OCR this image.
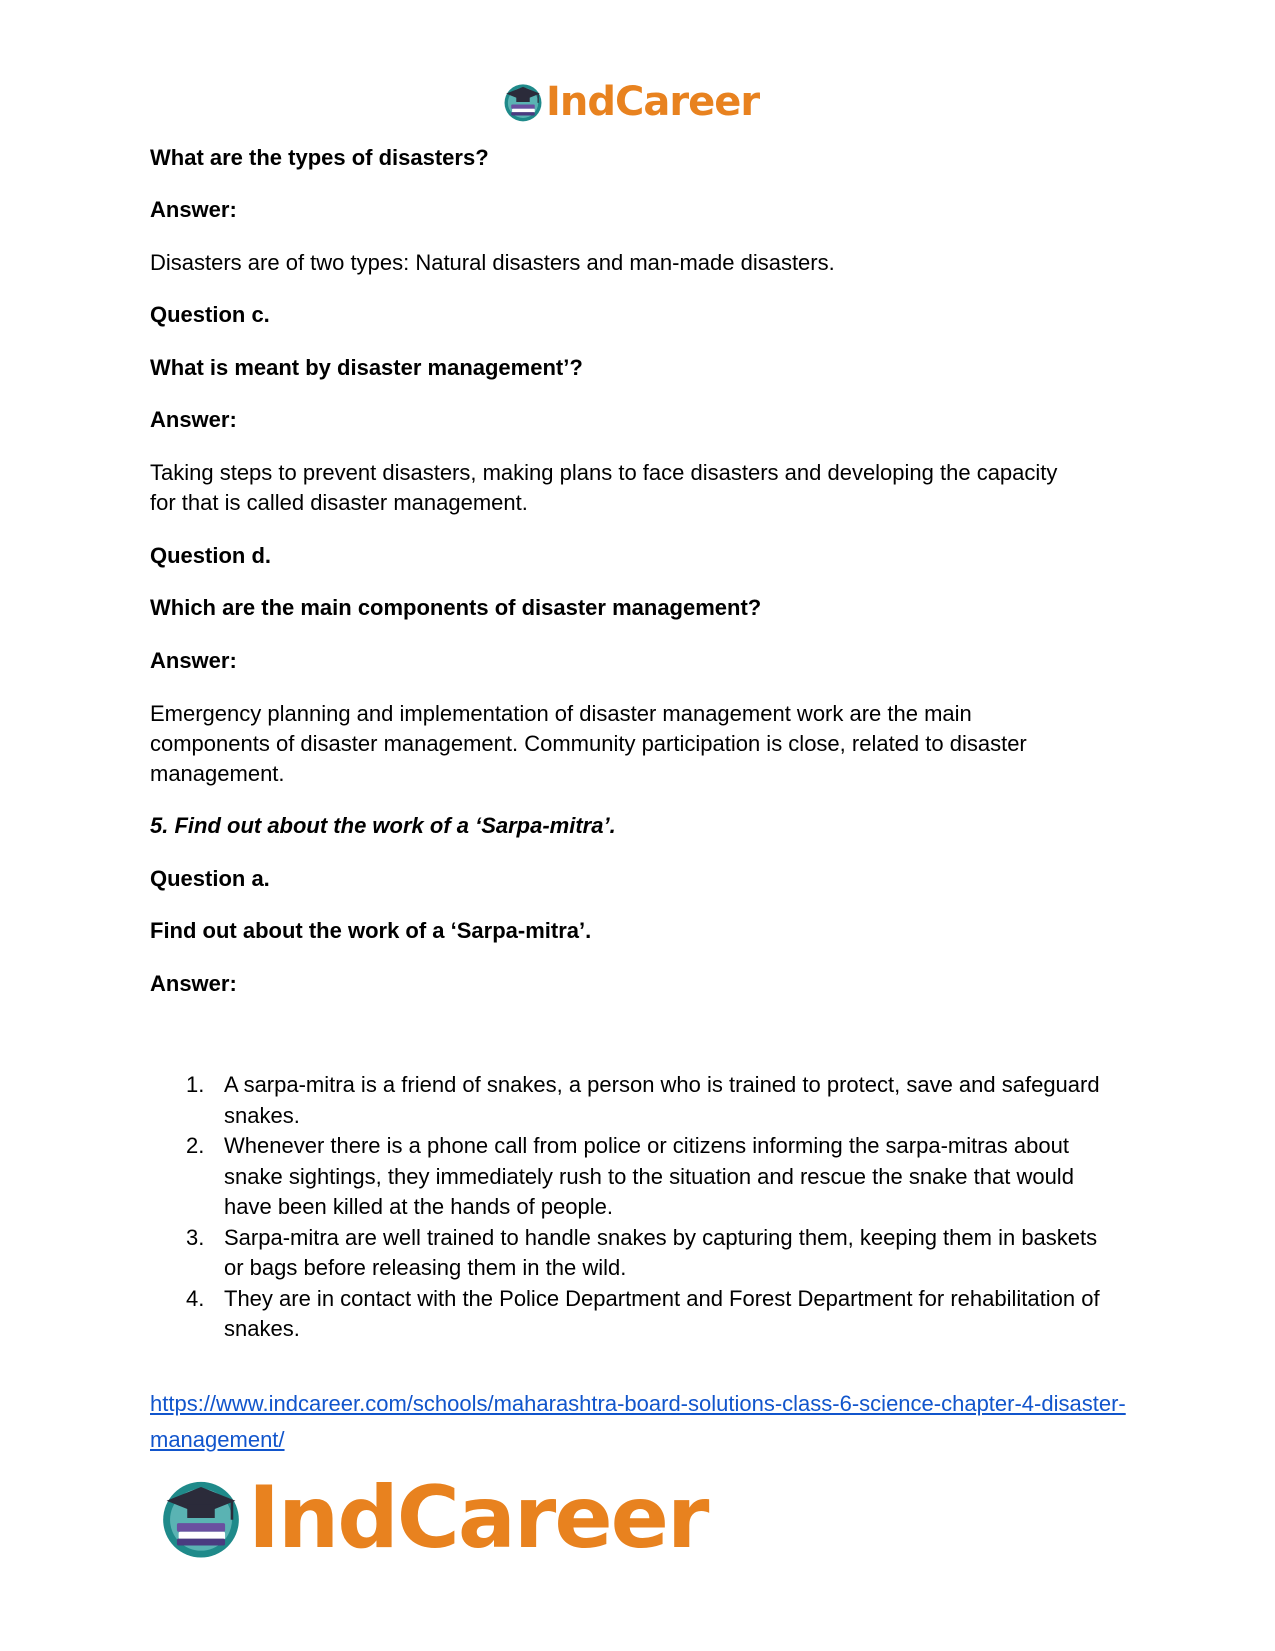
IndCareer
What are the types of disasters?
Answer:
Disasters are of two types: Natural disasters and man-made disasters.
Question c.
What is meant by disaster management’?
Answer:
Taking steps to prevent disasters, making plans to face disasters and developing the capacity
for that is called disaster management.
Question d.
Which are the main components of disaster management?
Answer:
Emergency planning and implementation of disaster management work are the main
components of disaster management. Community participation is close, related to disaster
management.
5. Find out about the work of a ‘Sarpa-mitra’.
Question a.
Find out about the work of a ‘Sarpa-mitra’.
Answer:
1. A sarpa-mitra is a friend of snakes, a person who is trained to protect, save and safeguard snakes.
2. Whenever there is a phone call from police or citizens informing the sarpa-mitras about snake sightings, they immediately rush to the situation and rescue the snake that would have been killed at the hands of people.
3. Sarpa-mitra are well trained to handle snakes by capturing them, keeping them in baskets or bags before releasing them in the wild.
4. They are in contact with the Police Department and Forest Department for rehabilitation of snakes.
https://www.indcareer.com/schools/maharashtra-board-solutions-class-6-science-chapter-4-disaster-management/
IndCareer
